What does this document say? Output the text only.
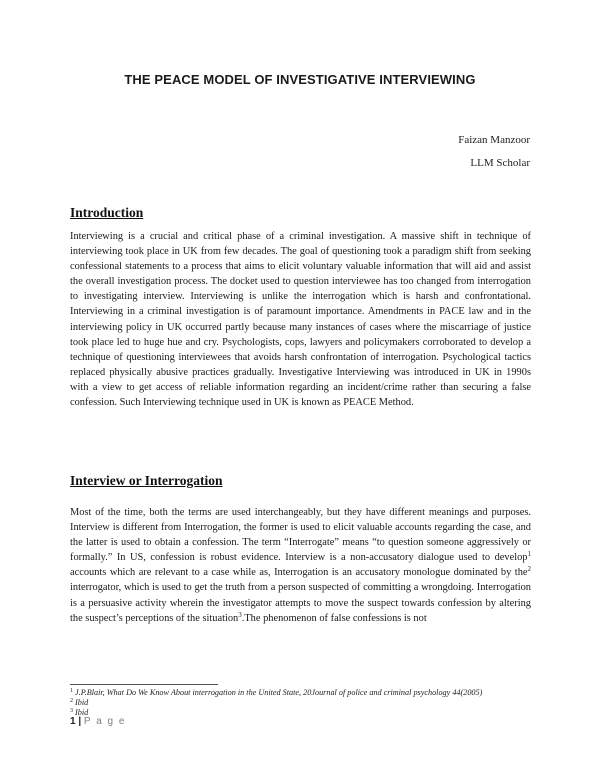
THE PEACE MODEL OF INVESTIGATIVE INTERVIEWING
Faizan Manzoor
LLM Scholar
Introduction

Interviewing is a crucial and critical phase of a criminal investigation. A massive shift in technique of interviewing took place in UK from few decades. The goal of questioning took a paradigm shift from seeking confessional statements to a process that aims to elicit voluntary valuable information that will aid and assist the overall investigation process. The docket used to question interviewee has too changed from interrogation to investigating interview. Interviewing is unlike the interrogation which is harsh and confrontational. Interviewing in a criminal investigation is of paramount importance. Amendments in PACE law and in the interviewing policy in UK occurred partly because many instances of cases where the miscarriage of justice took place led to huge hue and cry. Psychologists, cops, lawyers and policymakers corroborated to develop a technique of questioning interviewees that avoids harsh confrontation of interrogation. Psychological tactics replaced physically abusive practices gradually. Investigative Interviewing was introduced in UK in 1990s with a view to get access of reliable information regarding an incident/crime rather than securing a false confession. Such Interviewing technique used in UK is known as PEACE Method.

Interview or Interrogation

Most of the time, both the terms are used interchangeably, but they have different meanings and purposes. Interview is different from Interrogation, the former is used to elicit valuable accounts regarding the case, and the latter is used to obtain a confession. The term “Interrogate” means “to question someone aggressively or formally.” In US, confession is robust evidence. Interview is a non-accusatory dialogue used to develop$^1$ accounts which are relevant to a case while as, Interrogation is an accusatory monologue dominated by the$^2$ interrogator, which is used to get the truth from a person suspected of committing a wrongdoing. Interrogation is a persuasive activity wherein the investigator attempts to move the suspect towards confession by altering the suspect’s perceptions of the situation$^3$.The phenomenon of false confessions is not

$^1$ J.P.Blair, What Do We Know About interrogation in the United State, 20Journal of police and criminal psychology 44(2005)

$^2$ Ibid

$^3$ Ibid

1 | P a g e
